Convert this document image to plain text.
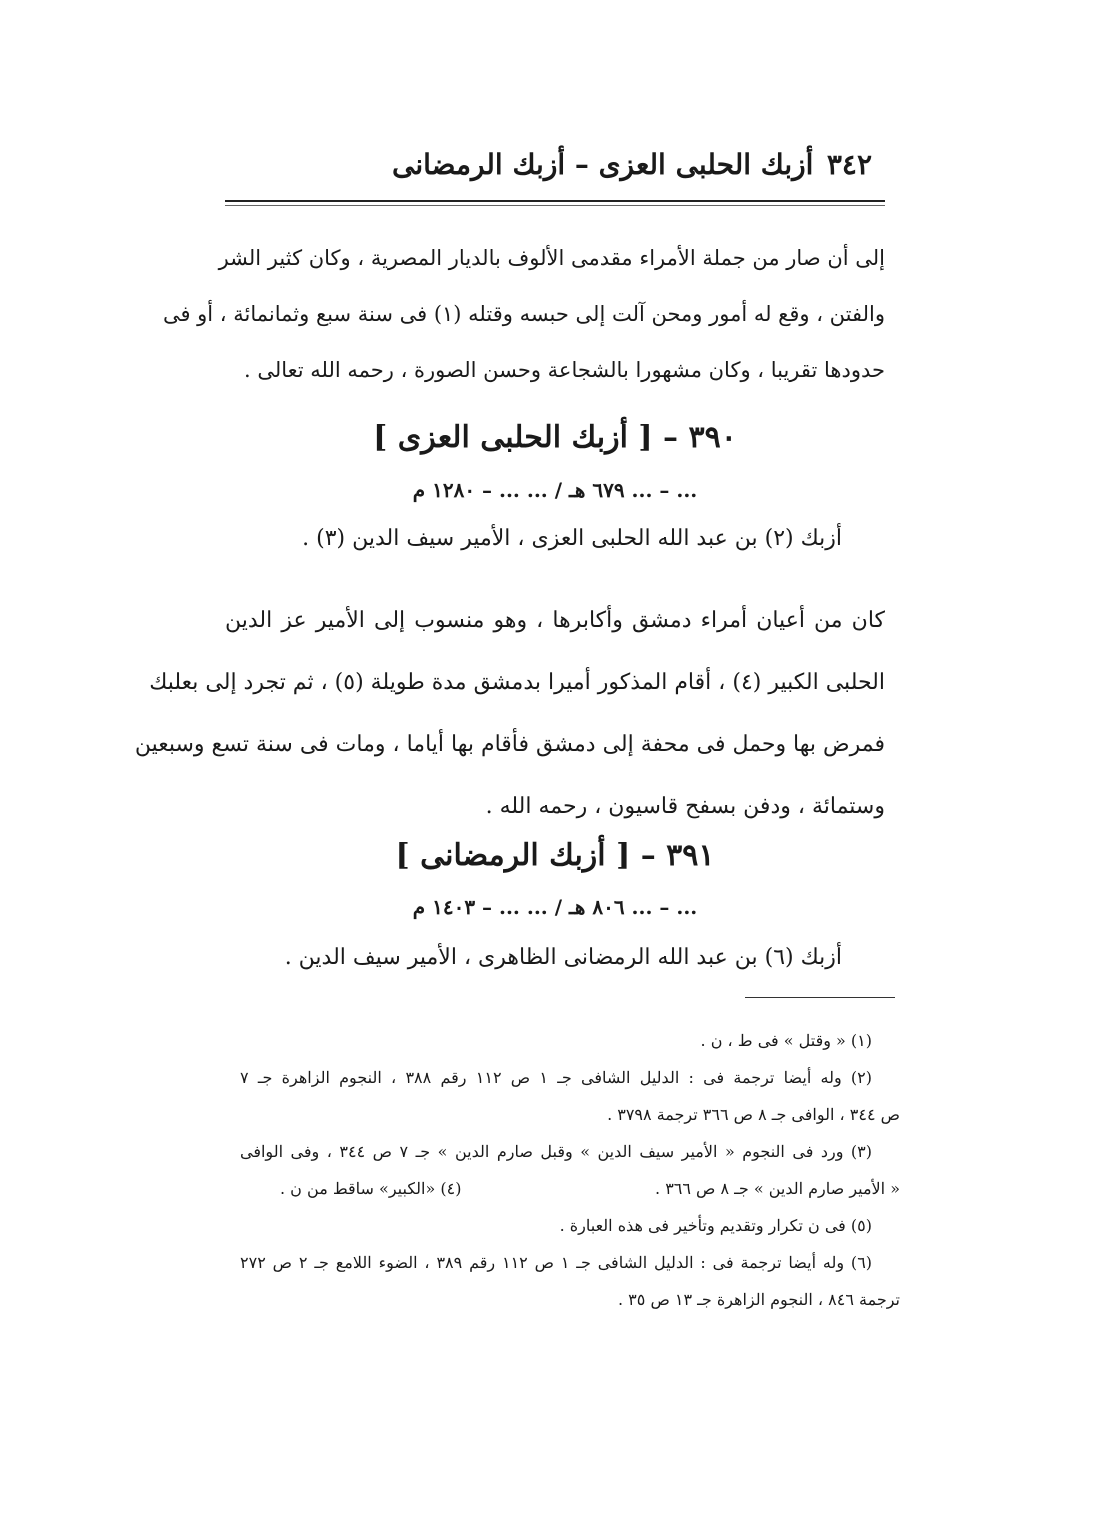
٣٤٢
أزبك الحلبى العزى – أزبك الرمضانى
إلى أن صار من جملة الأمراء مقدمى الألوف بالديار المصرية ، وكان كثير الشر
والفتن ، وقع له أمور ومحن آلت إلى حبسه وقتله (١) فى سنة سبع وثمانمائة ، أو فى
حدودها تقريبا ، وكان مشهورا بالشجاعة وحسن الصورة ، رحمه الله تعالى .
٣٩٠ – [ أزبك الحلبى العزى ]
... – ... ٦٧٩ هـ / ... ... – ١٢٨٠ م
أزبك (٢) بن عبد الله الحلبى العزى ، الأمير سيف الدين (٣) .
كان من أعيان أمراء دمشق وأكابرها ، وهو منسوب إلى الأمير عز الدين
الحلبى الكبير (٤) ، أقام المذكور أميرا بدمشق مدة طويلة (٥) ، ثم تجرد إلى بعلبك
فمرض بها وحمل فى محفة إلى دمشق فأقام بها أياما ، ومات فى سنة تسع وسبعين
وستمائة ، ودفن بسفح قاسيون ، رحمه الله .
٣٩١ – [ أزبك الرمضانى ]
... – ... ٨٠٦ هـ / ... ... – ١٤٠٣ م
أزبك (٦) بن عبد الله الرمضانى الظاهرى ، الأمير سيف الدين .
(١) « وقتل » فى ط ، ن .
(٢) وله أيضا ترجمة فى : الدليل الشافى جـ ١ ص ١١٢ رقم ٣٨٨ ، النجوم الزاهرة جـ ٧
ص ٣٤٤ ، الوافى جـ ٨ ص ٣٦٦ ترجمة ٣٧٩٨ .
(٣) ورد فى النجوم « الأمير سيف الدين » وقبل صارم الدين » جـ ٧ ص ٣٤٤ ، وفى الوافى
« الأمير صارم الدين » جـ ٨ ص ٣٦٦ .
(٤) «الكبير» ساقط من ن .
(٥) فى ن تكرار وتقديم وتأخير فى هذه العبارة .
(٦) وله أيضا ترجمة فى : الدليل الشافى جـ ١ ص ١١٢ رقم ٣٨٩ ، الضوء اللامع جـ ٢ ص ٢٧٢
ترجمة ٨٤٦ ، النجوم الزاهرة جـ ١٣ ص ٣٥ .
